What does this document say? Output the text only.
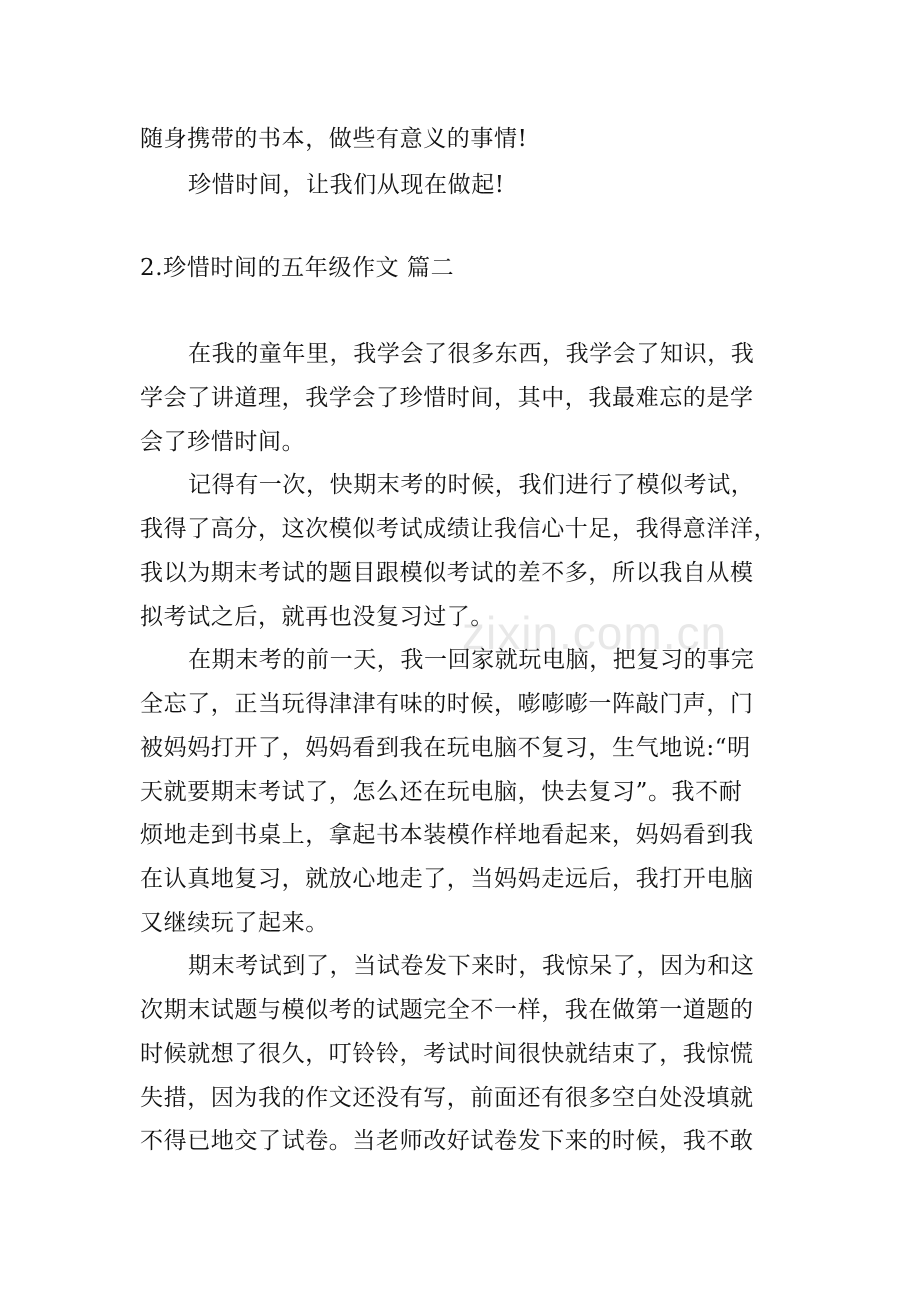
zixin.com.cn
随身携带的书本，做些有意义的事情!
珍惜时间，让我们从现在做起!
2.珍惜时间的五年级作文 篇二
在我的童年里，我学会了很多东西，我学会了知识，我
学会了讲道理，我学会了珍惜时间，其中，我最难忘的是学
会了珍惜时间。
记得有一次，快期末考的时候，我们进行了模似考试，
我得了高分，这次模似考试成绩让我信心十足，我得意洋洋，
我以为期末考试的题目跟模似考试的差不多，所以我自从模
拟考试之后，就再也没复习过了。
在期末考的前一天，我一回家就玩电脑，把复习的事完
全忘了，正当玩得津津有味的时候，嘭嘭嘭一阵敲门声，门
被妈妈打开了，妈妈看到我在玩电脑不复习，生气地说:“明
天就要期末考试了，怎么还在玩电脑，快去复习”。我不耐
烦地走到书桌上，拿起书本装模作样地看起来，妈妈看到我
在认真地复习，就放心地走了，当妈妈走远后，我打开电脑
又继续玩了起来。
期末考试到了，当试卷发下来时，我惊呆了，因为和这
次期末试题与模似考的试题完全不一样，我在做第一道题的
时候就想了很久，叮铃铃，考试时间很快就结束了，我惊慌
失措，因为我的作文还没有写，前面还有很多空白处没填就
不得已地交了试卷。当老师改好试卷发下来的时候，我不敢
